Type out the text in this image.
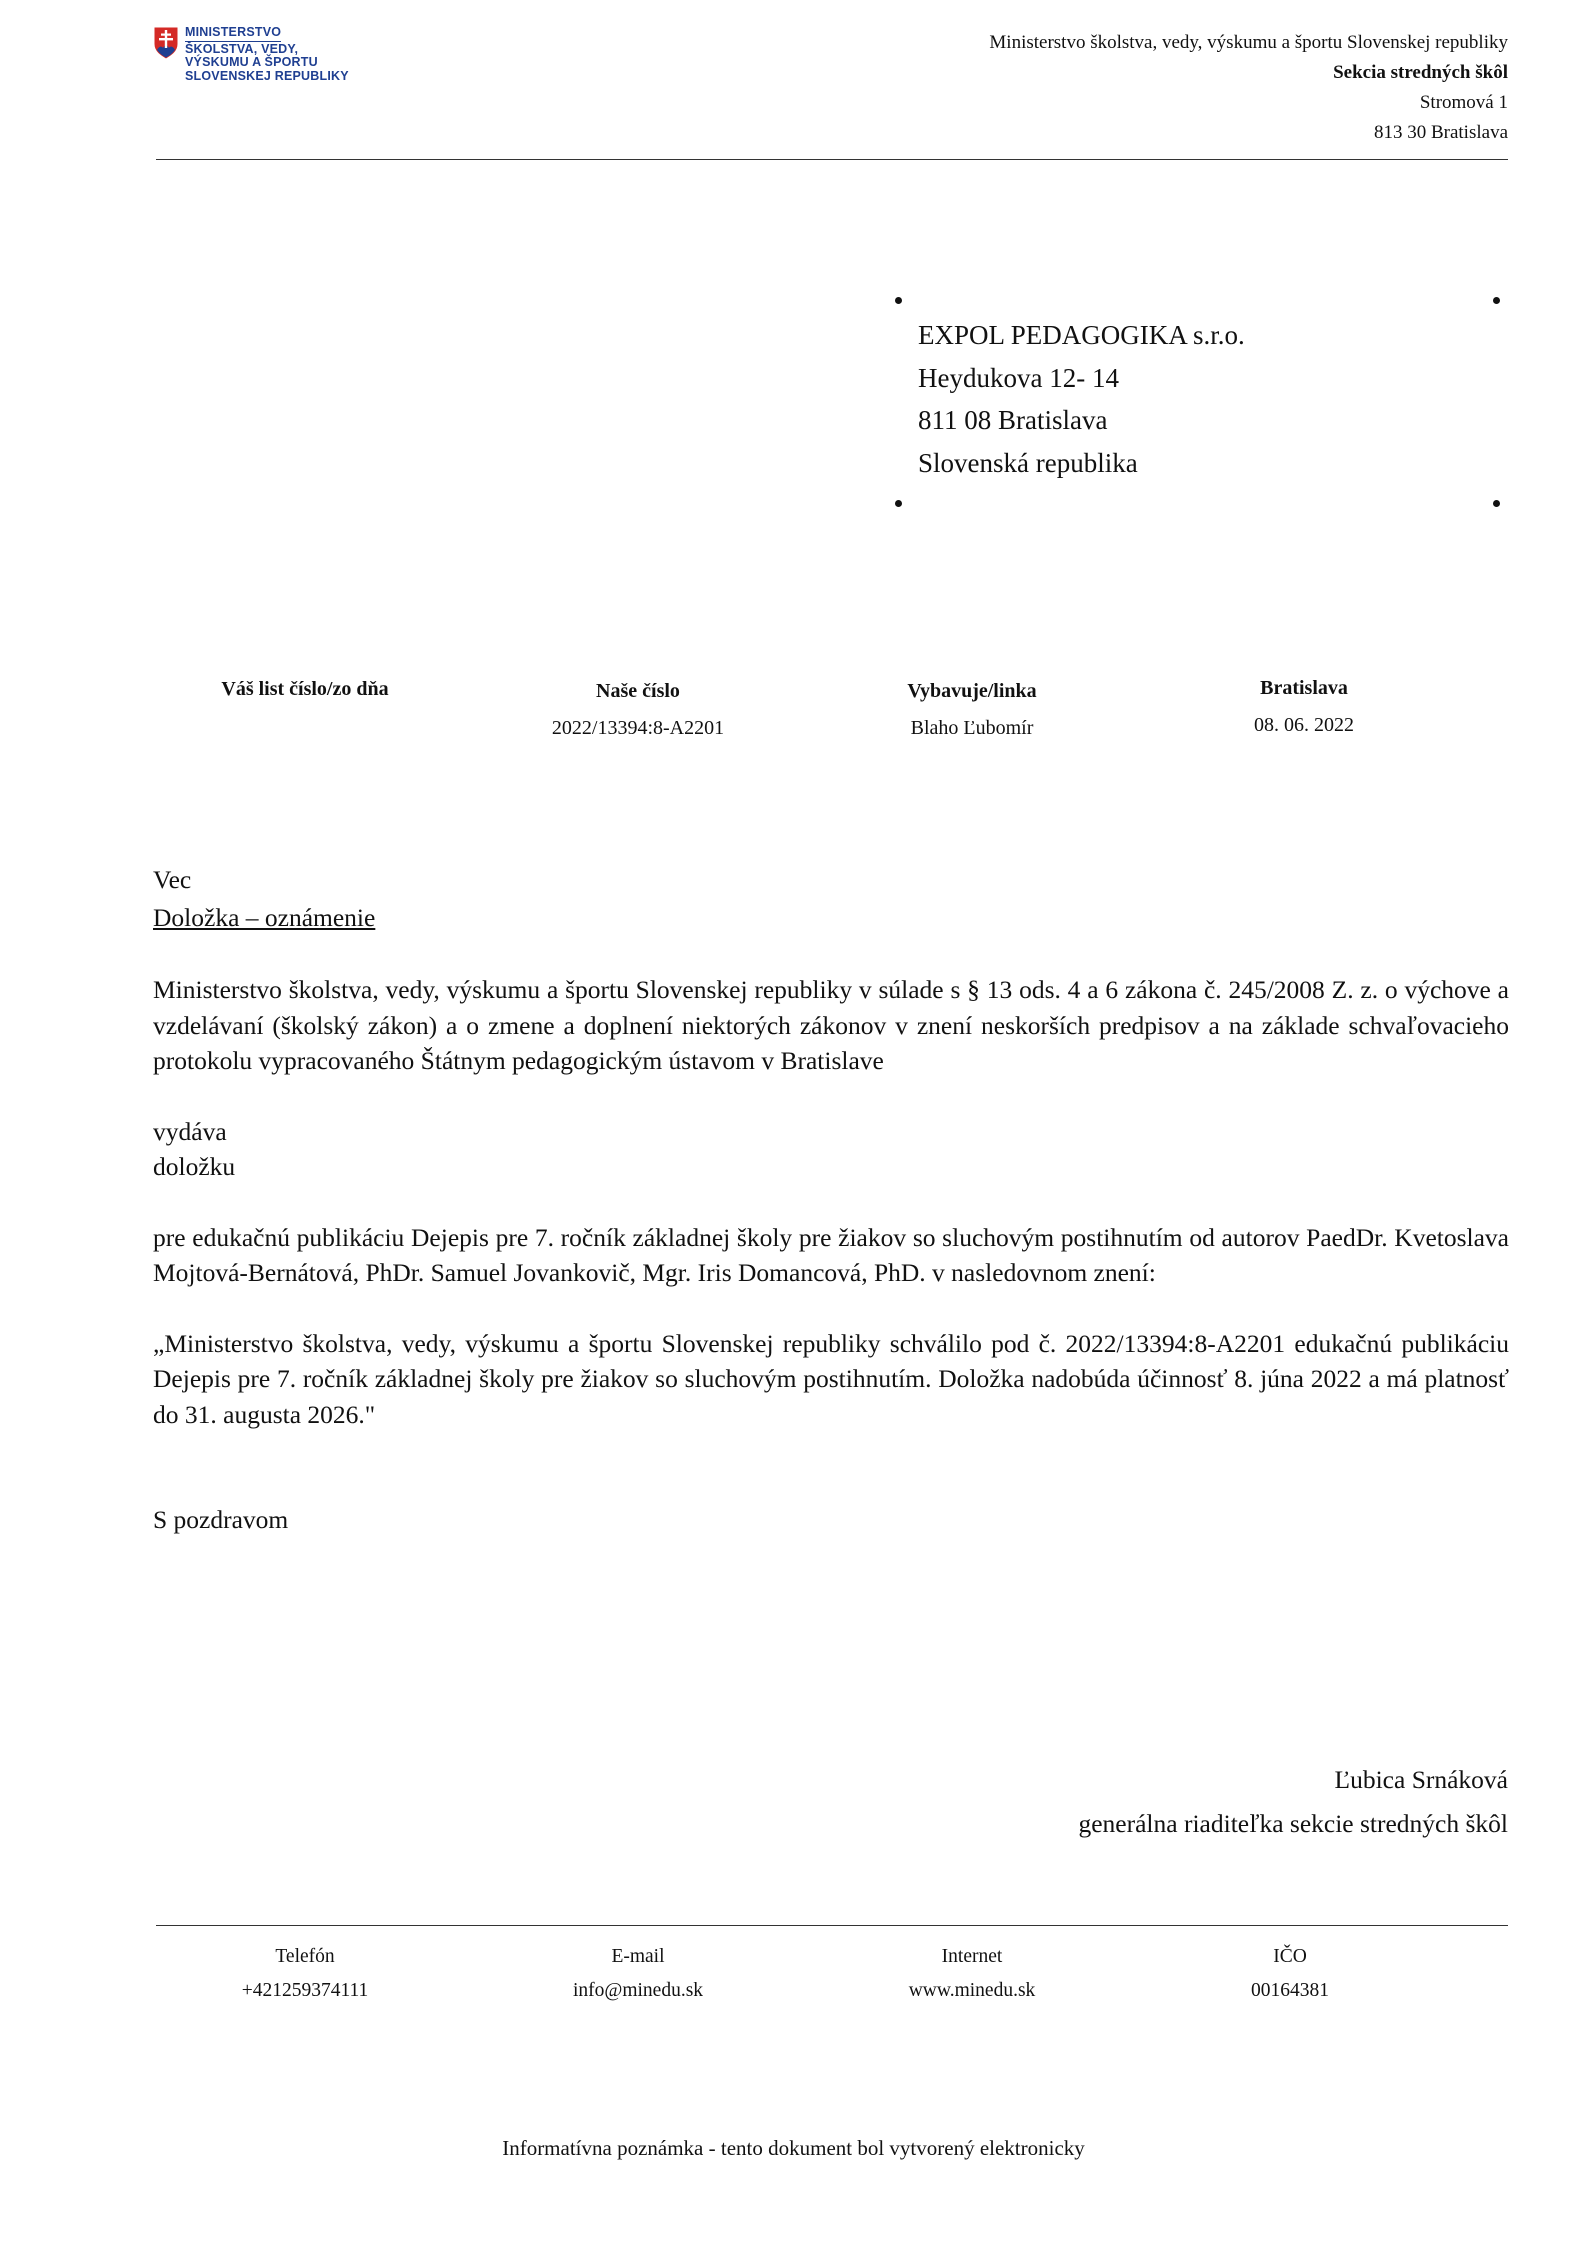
MINISTERSTVO
ŠKOLSTVA, VEDY,
VÝSKUMU A ŠPORTU
SLOVENSKEJ REPUBLIKY
Ministerstvo školstva, vedy, výskumu a športu Slovenskej republiky
Sekcia stredných škôl
Stromová 1
813 30 Bratislava
EXPOL PEDAGOGIKA s.r.o.
Heydukova 12- 14
811 08 Bratislava
Slovenská republika
Váš list číslo/zo dňa	Naše číslo
2022/13394:8-A2201
Vybavuje/linka
Blaho Ľubomír
Bratislava
08. 06. 2022

Vec

Doložka – oznámenie

Ministerstvo školstva, vedy, výskumu a športu Slovenskej republiky v súlade s § 13 ods. 4 a 6 zákona č. 245/2008 Z. z. o výchove a vzdelávaní (školský zákon) a o zmene a doplnení niektorých zákonov v znení neskorších predpisov a na základe schvaľovacieho protokolu vypracovaného Štátnym pedagogickým ústavom v Bratislave

vydáva

doložku

pre edukačnú publikáciu Dejepis pre 7. ročník základnej školy pre žiakov so sluchovým postihnutím od autorov PaedDr. Kvetoslava Mojtová-Bernátová, PhDr. Samuel Jovankovič, Mgr. Iris Domancová, PhD. v nasledovnom znení:

„Ministerstvo školstva, vedy, výskumu a športu Slovenskej republiky schválilo pod č. 2022/13394:8-A2201 edukačnú publikáciu Dejepis pre 7. ročník základnej školy pre žiakov so sluchovým postihnutím. Doložka nadobúda účinnosť 8. júna 2022 a má platnosť do 31. augusta 2026."

S pozdravom

Ľubica Srnáková
generálna riaditeľka sekcie stredných škôl
Telefón
+421259374111
E-mail
info@minedu.sk
Internet
www.minedu.sk
IČO
00164381
Informatívna poznámka - tento dokument bol vytvorený elektronicky
